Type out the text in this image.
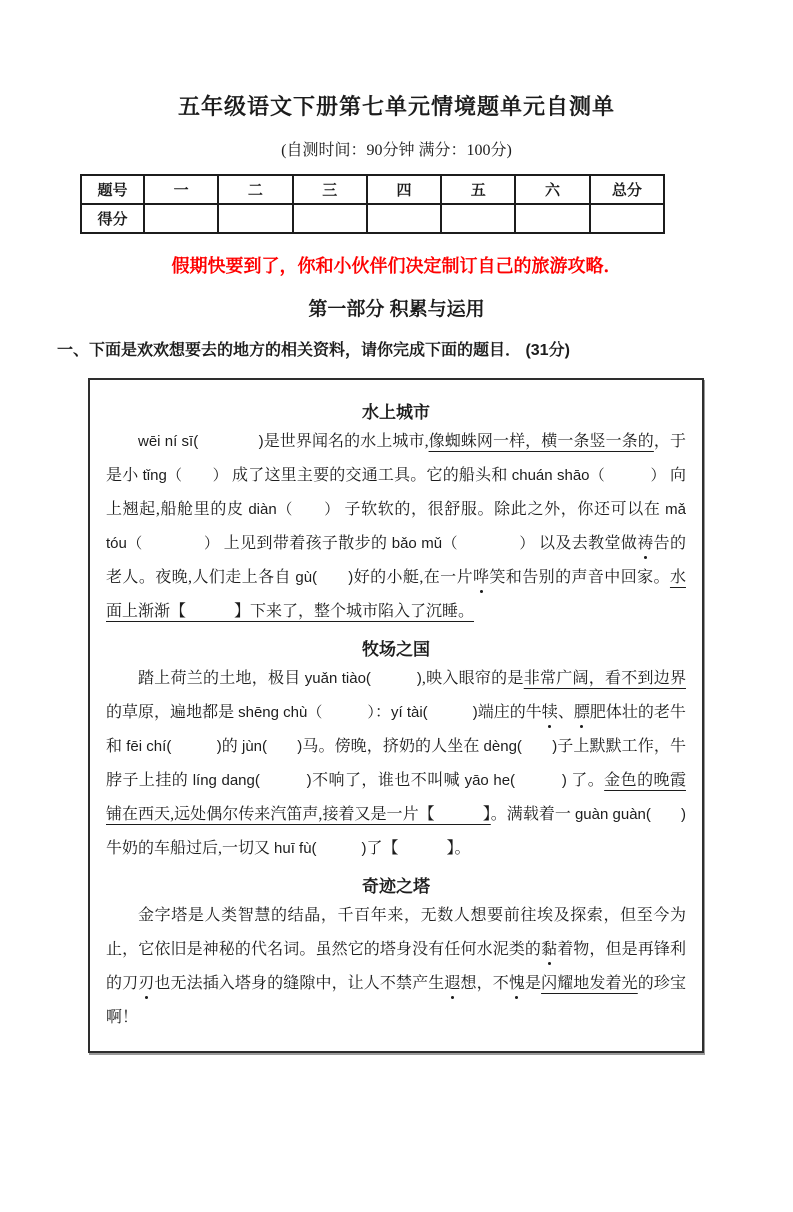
五年级语文下册第七单元情境题单元自测单
(自测时间：90分钟 满分：100分)
题号	一	二	三	四	五	六	总分
得分							
假期快要到了，你和小伙伴们决定制订自己的旅游攻略．
第一部分 积累与运用
一、下面是欢欢想要去的地方的相关资料，请你完成下面的题目． (31分)
水上城市

wēi ní sī(　　　　)是世界闻名的水上城市,像蜘蛛网一样，横一条竖一条的，于是小 tǐng（　　） 成了这里主要的交通工具。它的船头和 chuán shāo（　　　） 向上翘起,船舱里的皮 diàn（　　） 子软软的，很舒服。除此之外，你还可以在 mǎ tóu（　　　　） 上见到带着孩子散步的 bǎo mǔ（　　　　） 以及去教堂做祷告的老人。夜晚,人们走上各自 gù(　　)好的小艇,在一片哗笑和告别的声音中回家。水面上渐渐【　　　】下来了，整个城市陷入了沉睡。

牧场之国

踏上荷兰的土地，极目 yuǎn tiào(　　　),映入眼帘的是非常广阔，看不到边界的草原，遍地都是 shēng chù（　　　）：yí tài(　　　)端庄的牛犊、膘肥体壮的老牛和 fēi chí(　　　)的 jùn(　　)马。傍晚，挤奶的人坐在 dèng(　　)子上默默工作，牛脖子上挂的 líng dang(　　　)不响了，谁也不叫喊 yāo he(　　　) 了。金色的晚霞铺在西天,远处偶尔传来汽笛声,接着又是一片【　　　】。满载着一 guàn guàn(　　)牛奶的车船过后,一切又 huī fù(　　　)了【　　　】。

奇迹之塔

金字塔是人类智慧的结晶，千百年来，无数人想要前往埃及探索，但至今为止，它依旧是神秘的代名词。虽然它的塔身没有任何水泥类的黏着物，但是再锋利的刀刃也无法插入塔身的缝隙中，让人不禁产生遐想，不愧是闪耀地发着光的珍宝啊！
